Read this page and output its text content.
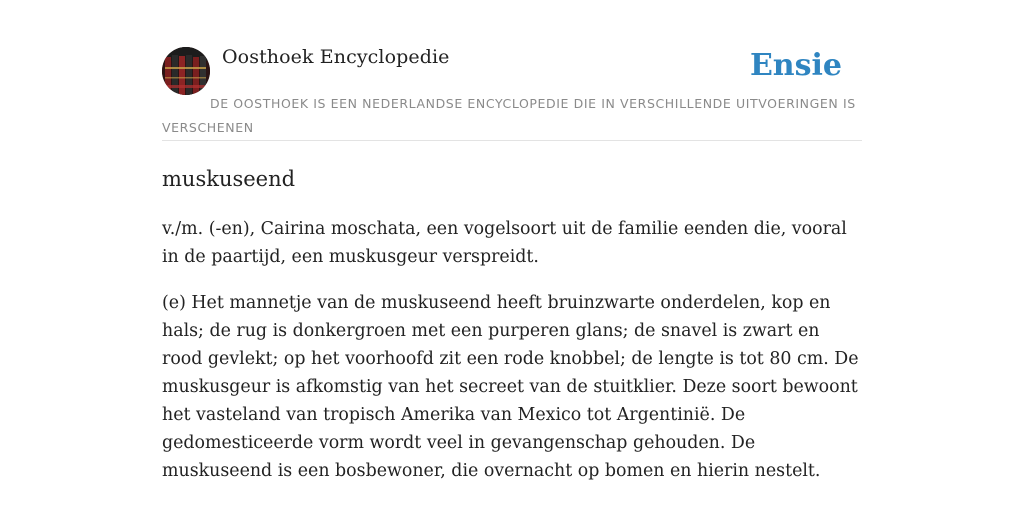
Oosthoek Encyclopedie	Ensie
DE OOSTHOEK IS EEN NEDERLANDSE ENCYCLOPEDIE DIE IN VERSCHILLENDE UITVOERINGEN IS VERSCHENEN
muskuseend

v./m. (-en), Cairina moschata, een vogelsoort uit de familie eenden die, vooral in de paartijd, een muskusgeur verspreidt.

(e) Het mannetje van de muskuseend heeft bruinzwarte onderdelen, kop en hals; de rug is donkergroen met een purperen glans; de snavel is zwart en rood gevlekt; op het voorhoofd zit een rode knobbel; de lengte is tot 80 cm. De muskusgeur is afkomstig van het secreet van de stuitklier. Deze soort bewoont het vasteland van tropisch Amerika van Mexico tot Argentinië. De gedomesticeerde vorm wordt veel in gevangenschap gehouden. De muskuseend is een bosbewoner, die overnacht op bomen en hierin nestelt.
